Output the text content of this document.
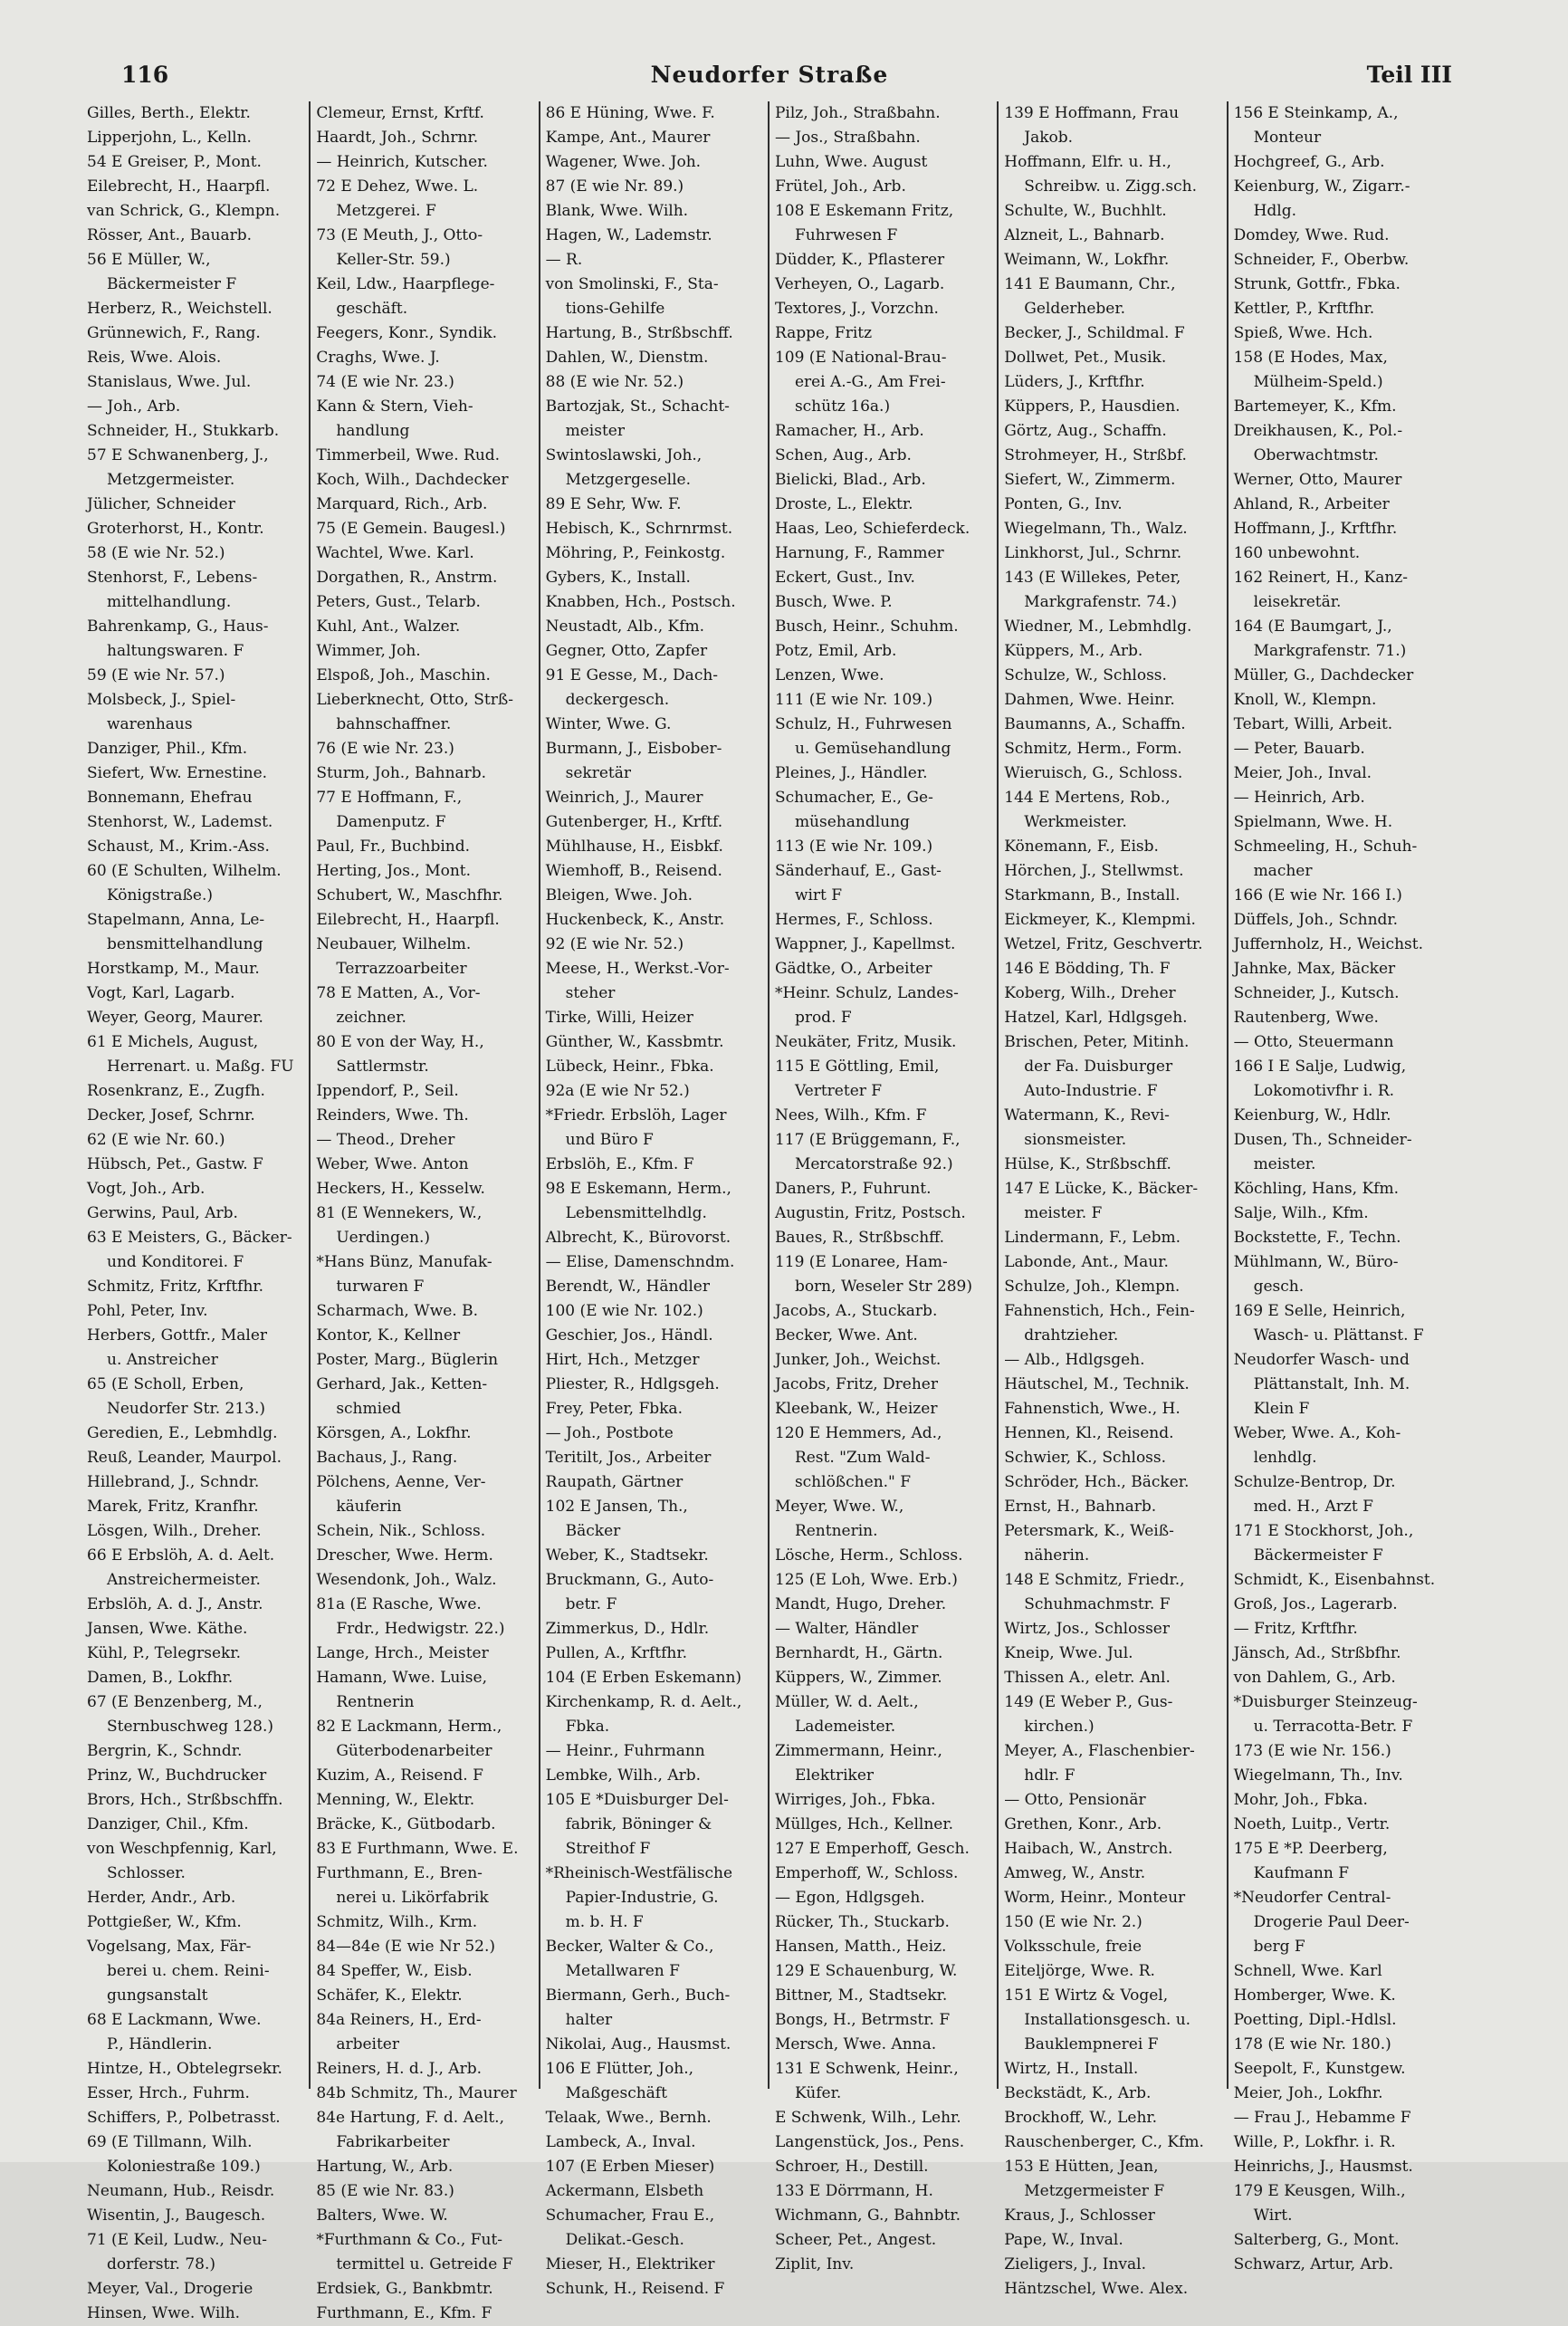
116	Neudorfer Straße	Teil III
Gilles, Berth., Elektr.
Lipperjohn, L., Kelln.
54 E Greiser, P., Mont.
Eilebrecht, H., Haarpfl.
van Schrick, G., Klempn.
Rösser, Ant., Bauarb.
56 E Müller, W.,
Bäckermeister F
Herberz, R., Weichstell.
Grünnewich, F., Rang.
Reis, Wwe. Alois.
Stanislaus, Wwe. Jul.
— Joh., Arb.
Schneider, H., Stukkarb.
57 E Schwanenberg, J.,
Metzgermeister.
Jülicher, Schneider
Groterhorst, H., Kontr.
58 (E wie Nr. 52.)
Stenhorst, F., Lebens-
mittelhandlung.
Bahrenkamp, G., Haus-
haltungswaren. F
59 (E wie Nr. 57.)
Molsbeck, J., Spiel-
warenhaus
Danziger, Phil., Kfm.
Siefert, Ww. Ernestine.
Bonnemann, Ehefrau
Stenhorst, W., Lademst.
Schaust, M., Krim.-Ass.
60 (E Schulten, Wilhelm.
Königstraße.)
Stapelmann, Anna, Le-
bensmittelhandlung
Horstkamp, M., Maur.
Vogt, Karl, Lagarb.
Weyer, Georg, Maurer.
61 E Michels, August,
Herrenart. u. Maßg. FU
Rosenkranz, E., Zugfh.
Decker, Josef, Schrnr.
62 (E wie Nr. 60.)
Hübsch, Pet., Gastw. F
Vogt, Joh., Arb.
Gerwins, Paul, Arb.
63 E Meisters, G., Bäcker-
und Konditorei. F
Schmitz, Fritz, Krftfhr.
Pohl, Peter, Inv.
Herbers, Gottfr., Maler
u. Anstreicher
65 (E Scholl, Erben,
Neudorfer Str. 213.)
Geredien, E., Lebmhdlg.
Reuß, Leander, Maurpol.
Hillebrand, J., Schndr.
Marek, Fritz, Kranfhr.
Lösgen, Wilh., Dreher.
66 E Erbslöh, A. d. Aelt.
Anstreichermeister.
Erbslöh, A. d. J., Anstr.
Jansen, Wwe. Käthe.
Kühl, P., Telegrsekr.
Damen, B., Lokfhr.
67 (E Benzenberg, M.,
Sternbuschweg 128.)
Bergrin, K., Schndr.
Prinz, W., Buchdrucker
Brors, Hch., Strßbschffn.
Danziger, Chil., Kfm.
von Weschpfennig, Karl,
Schlosser.
Herder, Andr., Arb.
Pottgießer, W., Kfm.
Vogelsang, Max, Fär-
berei u. chem. Reini-
gungsanstalt
68 E Lackmann, Wwe.
P., Händlerin.
Hintze, H., Obtelegrsekr.
Esser, Hrch., Fuhrm.
Schiffers, P., Polbetrasst.
69 (E Tillmann, Wilh.
Koloniestraße 109.)
Neumann, Hub., Reisdr.
Wisentin, J., Baugesch.
71 (E Keil, Ludw., Neu-
dorferstr. 78.)
Meyer, Val., Drogerie
Hinsen, Wwe. Wilh.
Clemeur, Ernst, Krftf.
Haardt, Joh., Schrnr.
— Heinrich, Kutscher.
72 E Dehez, Wwe. L.
Metzgerei. F
73 (E Meuth, J., Otto-
Keller-Str. 59.)
Keil, Ldw., Haarpflege-
geschäft.
Feegers, Konr., Syndik.
Craghs, Wwe. J.
74 (E wie Nr. 23.)
Kann & Stern, Vieh-
handlung
Timmerbeil, Wwe. Rud.
Koch, Wilh., Dachdecker
Marquard, Rich., Arb.
75 (E Gemein. Baugesl.)
Wachtel, Wwe. Karl.
Dorgathen, R., Anstrm.
Peters, Gust., Telarb.
Kuhl, Ant., Walzer.
Wimmer, Joh.
Elspoß, Joh., Maschin.
Lieberknecht, Otto, Strß-
bahnschaffner.
76 (E wie Nr. 23.)
Sturm, Joh., Bahnarb.
77 E Hoffmann, F.,
Damenputz. F
Paul, Fr., Buchbind.
Herting, Jos., Mont.
Schubert, W., Maschfhr.
Eilebrecht, H., Haarpfl.
Neubauer, Wilhelm.
Terrazzoarbeiter
78 E Matten, A., Vor-
zeichner.
80 E von der Way, H.,
Sattlermstr.
Ippendorf, P., Seil.
Reinders, Wwe. Th.
— Theod., Dreher
Weber, Wwe. Anton
Heckers, H., Kesselw.
81 (E Wennekers, W.,
Uerdingen.)
*Hans Bünz, Manufak-
turwaren F
Scharmach, Wwe. B.
Kontor, K., Kellner
Poster, Marg., Büglerin
Gerhard, Jak., Ketten-
schmied
Körsgen, A., Lokfhr.
Bachaus, J., Rang.
Pölchens, Aenne, Ver-
käuferin
Schein, Nik., Schloss.
Drescher, Wwe. Herm.
Wesendonk, Joh., Walz.
81a (E Rasche, Wwe.
Frdr., Hedwigstr. 22.)
Lange, Hrch., Meister
Hamann, Wwe. Luise,
Rentnerin
82 E Lackmann, Herm.,
Güterbodenarbeiter
Kuzim, A., Reisend. F
Menning, W., Elektr.
Bräcke, K., Gütbodarb.
83 E Furthmann, Wwe. E.
Furthmann, E., Bren-
nerei u. Likörfabrik
Schmitz, Wilh., Krm.
84—84e (E wie Nr 52.)
84 Speffer, W., Eisb.
Schäfer, K., Elektr.
84a Reiners, H., Erd-
arbeiter
Reiners, H. d. J., Arb.
84b Schmitz, Th., Maurer
84e Hartung, F. d. Aelt.,
Fabrikarbeiter
Hartung, W., Arb.
85 (E wie Nr. 83.)
Balters, Wwe. W.
*Furthmann & Co., Fut-
termittel u. Getreide F
Erdsiek, G., Bankbmtr.
Furthmann, E., Kfm. F
86 E Hüning, Wwe. F.
Kampe, Ant., Maurer
Wagener, Wwe. Joh.
87 (E wie Nr. 89.)
Blank, Wwe. Wilh.
Hagen, W., Lademstr.
— R.
von Smolinski, F., Sta-
tions-Gehilfe
Hartung, B., Strßbschff.
Dahlen, W., Dienstm.
88 (E wie Nr. 52.)
Bartozjak, St., Schacht-
meister
Swintoslawski, Joh.,
Metzgergeselle.
89 E Sehr, Ww. F.
Hebisch, K., Schrnrmst.
Möhring, P., Feinkostg.
Gybers, K., Install.
Knabben, Hch., Postsch.
Neustadt, Alb., Kfm.
Gegner, Otto, Zapfer
91 E Gesse, M., Dach-
deckergesch.
Winter, Wwe. G.
Burmann, J., Eisbober-
sekretär
Weinrich, J., Maurer
Gutenberger, H., Krftf.
Mühlhause, H., Eisbkf.
Wiemhoff, B., Reisend.
Bleigen, Wwe. Joh.
Huckenbeck, K., Anstr.
92 (E wie Nr. 52.)
Meese, H., Werkst.-Vor-
steher
Tirke, Willi, Heizer
Günther, W., Kassbmtr.
Lübeck, Heinr., Fbka.
92a (E wie Nr 52.)
*Friedr. Erbslöh, Lager
und Büro F
Erbslöh, E., Kfm. F
98 E Eskemann, Herm.,
Lebensmittelhdlg.
Albrecht, K., Bürovorst.
— Elise, Damenschndm.
Berendt, W., Händler
100 (E wie Nr. 102.)
Geschier, Jos., Händl.
Hirt, Hch., Metzger
Pliester, R., Hdlgsgeh.
Frey, Peter, Fbka.
— Joh., Postbote
Teritilt, Jos., Arbeiter
Raupath, Gärtner
102 E Jansen, Th.,
Bäcker
Weber, K., Stadtsekr.
Bruckmann, G., Auto-
betr. F
Zimmerkus, D., Hdlr.
Pullen, A., Krftfhr.
104 (E Erben Eskemann)
Kirchenkamp, R. d. Aelt.,
Fbka.
— Heinr., Fuhrmann
Lembke, Wilh., Arb.
105 E *Duisburger Del-
fabrik, Böninger &
Streithof F
*Rheinisch-Westfälische
Papier-Industrie, G.
m. b. H. F
Becker, Walter & Co.,
Metallwaren F
Biermann, Gerh., Buch-
halter
Nikolai, Aug., Hausmst.
106 E Flütter, Joh.,
Maßgeschäft
Telaak, Wwe., Bernh.
Lambeck, A., Inval.
107 (E Erben Mieser)
Ackermann, Elsbeth
Schumacher, Frau E.,
Delikat.-Gesch.
Mieser, H., Elektriker
Schunk, H., Reisend. F
Pilz, Joh., Straßbahn.
— Jos., Straßbahn.
Luhn, Wwe. August
Frütel, Joh., Arb.
108 E Eskemann Fritz,
Fuhrwesen F
Düdder, K., Pflasterer
Verheyen, O., Lagarb.
Textores, J., Vorzchn.
Rappe, Fritz
109 (E National-Brau-
erei A.-G., Am Frei-
schütz 16a.)
Ramacher, H., Arb.
Schen, Aug., Arb.
Bielicki, Blad., Arb.
Droste, L., Elektr.
Haas, Leo, Schieferdeck.
Harnung, F., Rammer
Eckert, Gust., Inv.
Busch, Wwe. P.
Busch, Heinr., Schuhm.
Potz, Emil, Arb.
Lenzen, Wwe.
111 (E wie Nr. 109.)
Schulz, H., Fuhrwesen
u. Gemüsehandlung
Pleines, J., Händler.
Schumacher, E., Ge-
müsehandlung
113 (E wie Nr. 109.)
Sänderhauf, E., Gast-
wirt F
Hermes, F., Schloss.
Wappner, J., Kapellmst.
Gädtke, O., Arbeiter
*Heinr. Schulz, Landes-
prod. F
Neukäter, Fritz, Musik.
115 E Göttling, Emil,
Vertreter F
Nees, Wilh., Kfm. F
117 (E Brüggemann, F.,
Mercatorstraße 92.)
Daners, P., Fuhrunt.
Augustin, Fritz, Postsch.
Baues, R., Strßbschff.
119 (E Lonaree, Ham-
born, Weseler Str 289)
Jacobs, A., Stuckarb.
Becker, Wwe. Ant.
Junker, Joh., Weichst.
Jacobs, Fritz, Dreher
Kleebank, W., Heizer
120 E Hemmers, Ad.,
Rest. "Zum Wald-
schlößchen." F
Meyer, Wwe. W.,
Rentnerin.
Lösche, Herm., Schloss.
125 (E Loh, Wwe. Erb.)
Mandt, Hugo, Dreher.
— Walter, Händler
Bernhardt, H., Gärtn.
Küppers, W., Zimmer.
Müller, W. d. Aelt.,
Lademeister.
Zimmermann, Heinr.,
Elektriker
Wirriges, Joh., Fbka.
Müllges, Hch., Kellner.
127 E Emperhoff, Gesch.
Emperhoff, W., Schloss.
— Egon, Hdlgsgeh.
Rücker, Th., Stuckarb.
Hansen, Matth., Heiz.
129 E Schauenburg, W.
Bittner, M., Stadtsekr.
Bongs, H., Betrmstr. F
Mersch, Wwe. Anna.
131 E Schwenk, Heinr.,
Küfer.
E Schwenk, Wilh., Lehr.
Langenstück, Jos., Pens.
Schroer, H., Destill.
133 E Dörrmann, H.
Wichmann, G., Bahnbtr.
Scheer, Pet., Angest.
Ziplit, Inv.
139 E Hoffmann, Frau
Jakob.
Hoffmann, Elfr. u. H.,
Schreibw. u. Zigg.sch.
Schulte, W., Buchhlt.
Alzneit, L., Bahnarb.
Weimann, W., Lokfhr.
141 E Baumann, Chr.,
Gelderheber.
Becker, J., Schildmal. F
Dollwet, Pet., Musik.
Lüders, J., Krftfhr.
Küppers, P., Hausdien.
Görtz, Aug., Schaffn.
Strohmeyer, H., Strßbf.
Siefert, W., Zimmerm.
Ponten, G., Inv.
Wiegelmann, Th., Walz.
Linkhorst, Jul., Schrnr.
143 (E Willekes, Peter,
Markgrafenstr. 74.)
Wiedner, M., Lebmhdlg.
Küppers, M., Arb.
Schulze, W., Schloss.
Dahmen, Wwe. Heinr.
Baumanns, A., Schaffn.
Schmitz, Herm., Form.
Wieruisch, G., Schloss.
144 E Mertens, Rob.,
Werkmeister.
Könemann, F., Eisb.
Hörchen, J., Stellwmst.
Starkmann, B., Install.
Eickmeyer, K., Klempmi.
Wetzel, Fritz, Geschvertr.
146 E Bödding, Th. F
Koberg, Wilh., Dreher
Hatzel, Karl, Hdlgsgeh.
Brischen, Peter, Mitinh.
der Fa. Duisburger
Auto-Industrie. F
Watermann, K., Revi-
sionsmeister.
Hülse, K., Strßbschff.
147 E Lücke, K., Bäcker-
meister. F
Lindermann, F., Lebm.
Labonde, Ant., Maur.
Schulze, Joh., Klempn.
Fahnenstich, Hch., Fein-
drahtzieher.
— Alb., Hdlgsgeh.
Häutschel, M., Technik.
Fahnenstich, Wwe., H.
Hennen, Kl., Reisend.
Schwier, K., Schloss.
Schröder, Hch., Bäcker.
Ernst, H., Bahnarb.
Petersmark, K., Weiß-
näherin.
148 E Schmitz, Friedr.,
Schuhmachmstr. F
Wirtz, Jos., Schlosser
Kneip, Wwe. Jul.
Thissen A., eletr. Anl.
149 (E Weber P., Gus-
kirchen.)
Meyer, A., Flaschenbier-
hdlr. F
— Otto, Pensionär
Grethen, Konr., Arb.
Haibach, W., Anstrch.
Amweg, W., Anstr.
Worm, Heinr., Monteur
150 (E wie Nr. 2.)
Volksschule, freie
Eiteljörge, Wwe. R.
151 E Wirtz & Vogel,
Installationsgesch. u.
Bauklempnerei F
Wirtz, H., Install.
Beckstädt, K., Arb.
Brockhoff, W., Lehr.
Rauschenberger, C., Kfm.
153 E Hütten, Jean,
Metzgermeister F
Kraus, J., Schlosser
Pape, W., Inval.
Zieligers, J., Inval.
Häntzschel, Wwe. Alex.
156 E Steinkamp, A.,
Monteur
Hochgreef, G., Arb.
Keienburg, W., Zigarr.-
Hdlg.
Domdey, Wwe. Rud.
Schneider, F., Oberbw.
Strunk, Gottfr., Fbka.
Kettler, P., Krftfhr.
Spieß, Wwe. Hch.
158 (E Hodes, Max,
Mülheim-Speld.)
Bartemeyer, K., Kfm.
Dreikhausen, K., Pol.-
Oberwachtmstr.
Werner, Otto, Maurer
Ahland, R., Arbeiter
Hoffmann, J., Krftfhr.
160 unbewohnt.
162 Reinert, H., Kanz-
leisekretär.
164 (E Baumgart, J.,
Markgrafenstr. 71.)
Müller, G., Dachdecker
Knoll, W., Klempn.
Tebart, Willi, Arbeit.
— Peter, Bauarb.
Meier, Joh., Inval.
— Heinrich, Arb.
Spielmann, Wwe. H.
Schmeeling, H., Schuh-
macher
166 (E wie Nr. 166 I.)
Düffels, Joh., Schndr.
Juffernholz, H., Weichst.
Jahnke, Max, Bäcker
Schneider, J., Kutsch.
Rautenberg, Wwe.
— Otto, Steuermann
166 I E Salje, Ludwig,
Lokomotivfhr i. R.
Keienburg, W., Hdlr.
Dusen, Th., Schneider-
meister.
Köchling, Hans, Kfm.
Salje, Wilh., Kfm.
Bockstette, F., Techn.
Mühlmann, W., Büro-
gesch.
169 E Selle, Heinrich,
Wasch- u. Plättanst. F
Neudorfer Wasch- und
Plättanstalt, Inh. M.
Klein F
Weber, Wwe. A., Koh-
lenhdlg.
Schulze-Bentrop, Dr.
med. H., Arzt F
171 E Stockhorst, Joh.,
Bäckermeister F
Schmidt, K., Eisenbahnst.
Groß, Jos., Lagerarb.
— Fritz, Krftfhr.
Jänsch, Ad., Strßbfhr.
von Dahlem, G., Arb.
*Duisburger Steinzeug-
u. Terracotta-Betr. F
173 (E wie Nr. 156.)
Wiegelmann, Th., Inv.
Mohr, Joh., Fbka.
Noeth, Luitp., Vertr.
175 E *P. Deerberg,
Kaufmann F
*Neudorfer Central-
Drogerie Paul Deer-
berg F
Schnell, Wwe. Karl
Homberger, Wwe. K.
Poetting, Dipl.-Hdlsl.
178 (E wie Nr. 180.)
Seepolt, F., Kunstgew.
Meier, Joh., Lokfhr.
— Frau J., Hebamme F
Wille, P., Lokfhr. i. R.
Heinrichs, J., Hausmst.
179 E Keusgen, Wilh.,
Wirt.
Salterberg, G., Mont.
Schwarz, Artur, Arb.
